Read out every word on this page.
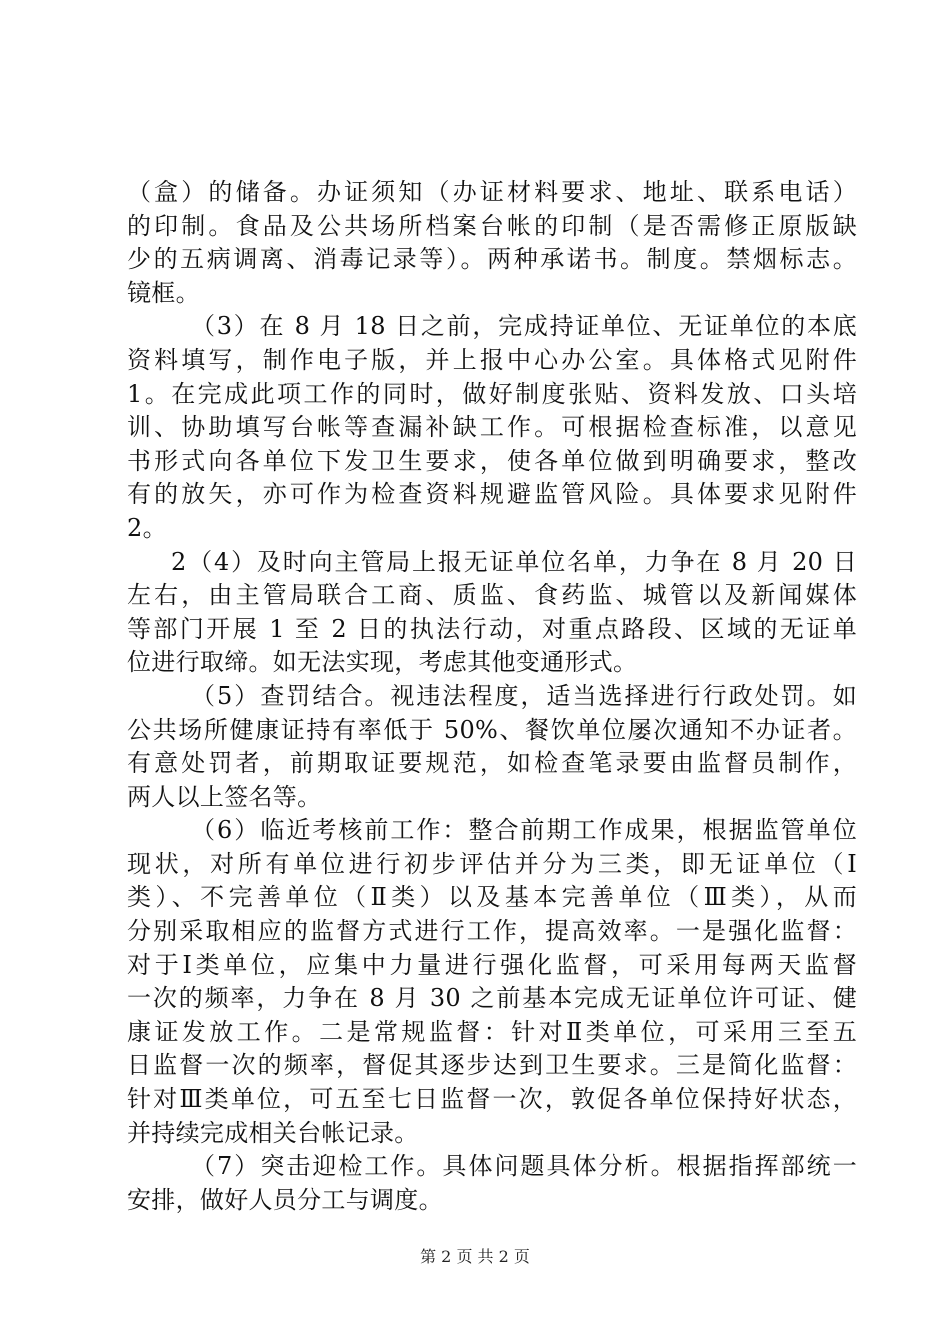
（盒）的储备。办证须知（办证材料要求、地址、联系电话）
的印制。食品及公共场所档案台帐的印制（是否需修正原版缺
少的五病调离、消毒记录等）。两种承诺书。制度。禁烟标志。
镜框。
（3）在 8 月 18 日之前，完成持证单位、无证单位的本底
资料填写，制作电子版，并上报中心办公室。具体格式见附件
1。在完成此项工作的同时，做好制度张贴、资料发放、口头培
训、协助填写台帐等查漏补缺工作。可根据检查标准，以意见
书形式向各单位下发卫生要求，使各单位做到明确要求，整改
有的放矢，亦可作为检查资料规避监管风险。具体要求见附件
2。
2（4）及时向主管局上报无证单位名单，力争在 8 月 20 日
左右，由主管局联合工商、质监、食药监、城管以及新闻媒体
等部门开展 1 至 2 日的执法行动，对重点路段、区域的无证单
位进行取缔。如无法实现，考虑其他变通形式。
（5）查罚结合。视违法程度，适当选择进行行政处罚。如
公共场所健康证持有率低于 50%、餐饮单位屡次通知不办证者。
有意处罚者，前期取证要规范，如检查笔录要由监督员制作，
两人以上签名等。
（6）临近考核前工作：整合前期工作成果，根据监管单位
现状，对所有单位进行初步评估并分为三类，即无证单位（Ⅰ
类）、不完善单位（Ⅱ类）以及基本完善单位（Ⅲ类），从而
分别采取相应的监督方式进行工作，提高效率。一是强化监督：
对于Ⅰ类单位，应集中力量进行强化监督，可采用每两天监督
一次的频率，力争在 8 月 30 之前基本完成无证单位许可证、健
康证发放工作。二是常规监督：针对Ⅱ类单位，可采用三至五
日监督一次的频率，督促其逐步达到卫生要求。三是简化监督：
针对Ⅲ类单位，可五至七日监督一次，敦促各单位保持好状态，
并持续完成相关台帐记录。
（7）突击迎检工作。具体问题具体分析。根据指挥部统一
安排，做好人员分工与调度。
第 2 页 共 2 页
